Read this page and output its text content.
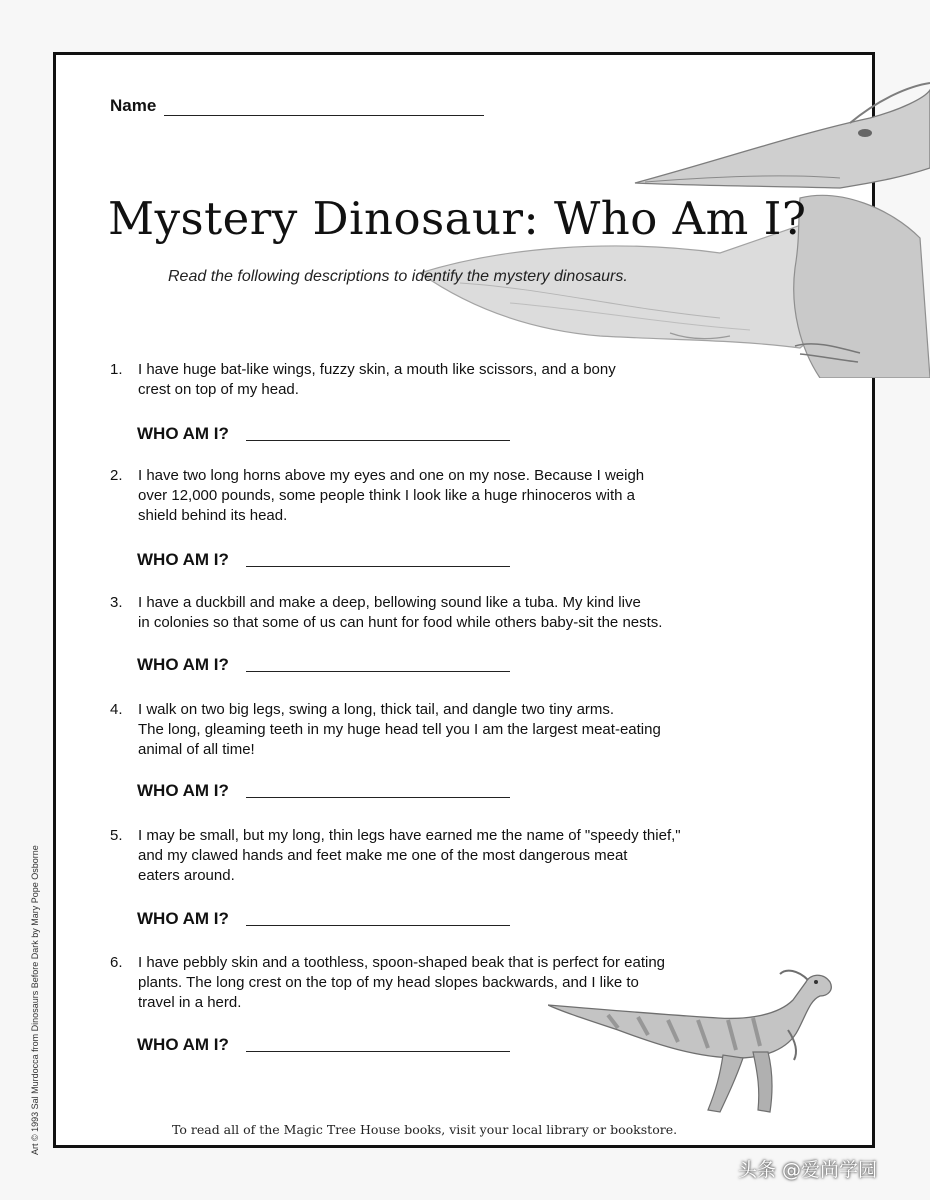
Name
Mystery Dinosaur: Who Am I?
Read the following descriptions to identify the mystery dinosaurs.
1.	I have huge bat-like wings, fuzzy skin, a mouth like scissors, and a bony
crest on top of my head.
WHO AM I?
2.	I have two long horns above my eyes and one on my nose. Because I weigh
over 12,000 pounds, some people think I look like a huge rhinoceros with a
shield behind its head.
WHO AM I?
3.	I have a duckbill and make a deep, bellowing sound like a tuba. My kind live
in colonies so that some of us can hunt for food while others baby-sit the nests.
WHO AM I?
4.	I walk on two big legs, swing a long, thick tail, and dangle two tiny arms.
The long, gleaming teeth in my huge head tell you I am the largest meat-eating
animal of all time!
WHO AM I?
5.	I may be small, but my long, thin legs have earned me the name of "speedy thief,"
and my clawed hands and feet make me one of the most dangerous meat
eaters around.
WHO AM I?
6.	I have pebbly skin and a toothless, spoon-shaped beak that is perfect for eating
plants. The long crest on the top of my head slopes backwards, and I like to
travel in a herd.
WHO AM I?
To read all of the Magic Tree House books, visit your local library or bookstore.
Art © 1993 Sal Murdocca from Dinosaurs Before Dark by Mary Pope Osborne
头条 @爱尚学园
